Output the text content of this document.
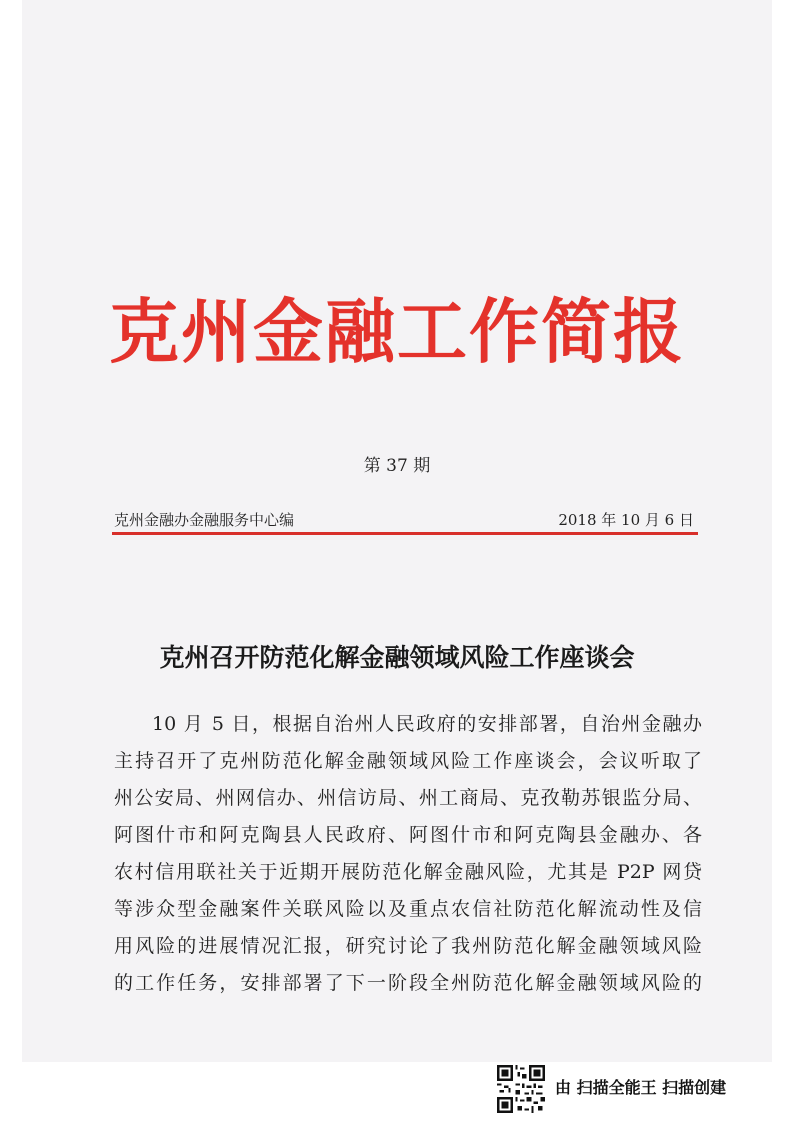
克州金融工作简报
第 37 期
克州金融办金融服务中心编	2018 年 10 月 6 日
克州召开防范化解金融领域风险工作座谈会
10 月 5 日，根据自治州人民政府的安排部署，自治州金融办
主持召开了克州防范化解金融领域风险工作座谈会，会议听取了
州公安局、州网信办、州信访局、州工商局、克孜勒苏银监分局、
阿图什市和阿克陶县人民政府、阿图什市和阿克陶县金融办、各
农村信用联社关于近期开展防范化解金融风险，尤其是 P2P 网贷
等涉众型金融案件关联风险以及重点农信社防范化解流动性及信
用风险的进展情况汇报，研究讨论了我州防范化解金融领域风险
的工作任务，安排部署了下一阶段全州防范化解金融领域风险的
由 扫描全能王 扫描创建
